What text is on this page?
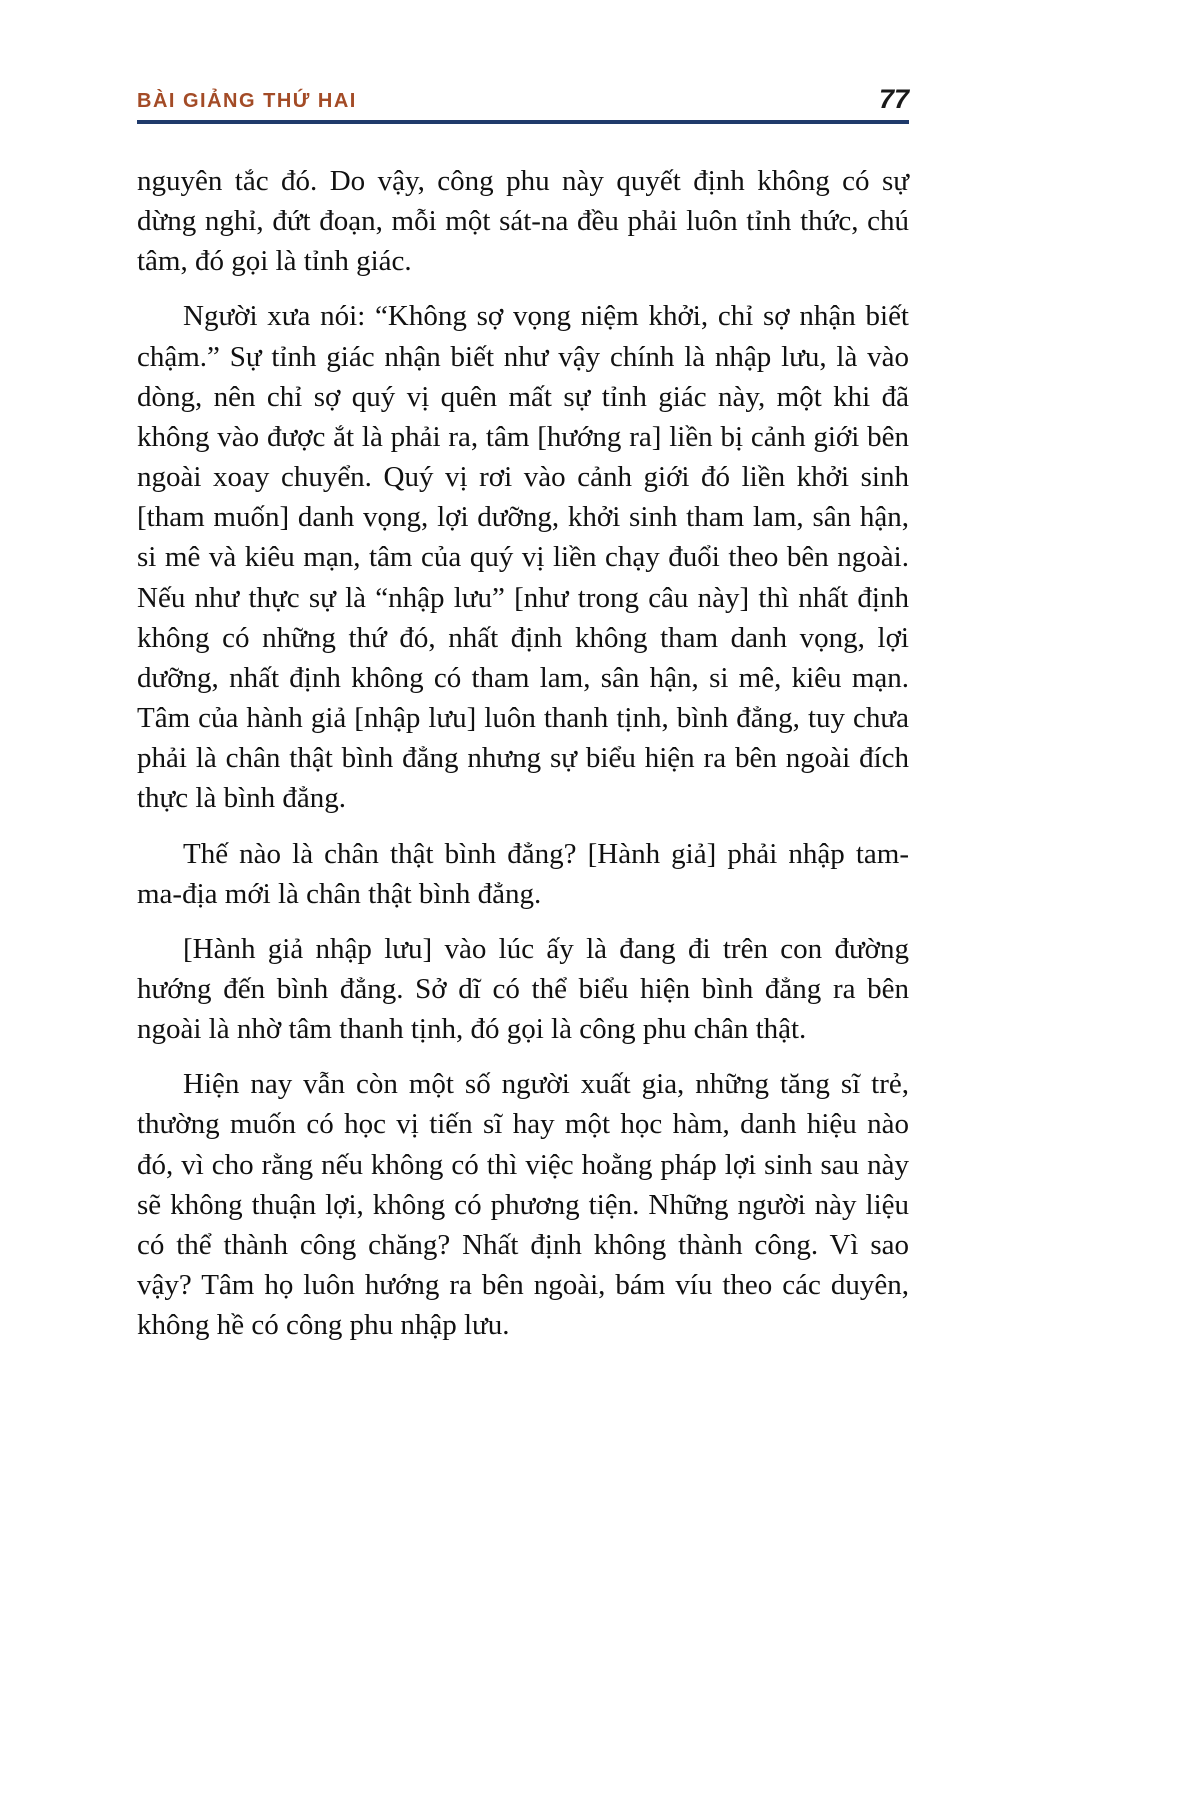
BÀI GIẢNG THỨ HAI	77

nguyên tắc đó. Do vậy, công phu này quyết định không có sự dừng nghỉ, đứt đoạn, mỗi một sát-na đều phải luôn tỉnh thức, chú tâm, đó gọi là tỉnh giác.

Người xưa nói: “Không sợ vọng niệm khởi, chỉ sợ nhận biết chậm.” Sự tỉnh giác nhận biết như vậy chính là nhập lưu, là vào dòng, nên chỉ sợ quý vị quên mất sự tỉnh giác này, một khi đã không vào được ắt là phải ra, tâm [hướng ra] liền bị cảnh giới bên ngoài xoay chuyển. Quý vị rơi vào cảnh giới đó liền khởi sinh [tham muốn] danh vọng, lợi dưỡng, khởi sinh tham lam, sân hận, si mê và kiêu mạn, tâm của quý vị liền chạy đuổi theo bên ngoài. Nếu như thực sự là “nhập lưu” [như trong câu này] thì nhất định không có những thứ đó, nhất định không tham danh vọng, lợi dưỡng, nhất định không có tham lam, sân hận, si mê, kiêu mạn. Tâm của hành giả [nhập lưu] luôn thanh tịnh, bình đẳng, tuy chưa phải là chân thật bình đẳng nhưng sự biểu hiện ra bên ngoài đích thực là bình đẳng.

Thế nào là chân thật bình đẳng? [Hành giả] phải nhập tam-ma-địa mới là chân thật bình đẳng.

[Hành giả nhập lưu] vào lúc ấy là đang đi trên con đường hướng đến bình đẳng. Sở dĩ có thể biểu hiện bình đẳng ra bên ngoài là nhờ tâm thanh tịnh, đó gọi là công phu chân thật.

Hiện nay vẫn còn một số người xuất gia, những tăng sĩ trẻ, thường muốn có học vị tiến sĩ hay một học hàm, danh hiệu nào đó, vì cho rằng nếu không có thì việc hoằng pháp lợi sinh sau này sẽ không thuận lợi, không có phương tiện. Những người này liệu có thể thành công chăng? Nhất định không thành công. Vì sao vậy? Tâm họ luôn hướng ra bên ngoài, bám víu theo các duyên, không hề có công phu nhập lưu.
